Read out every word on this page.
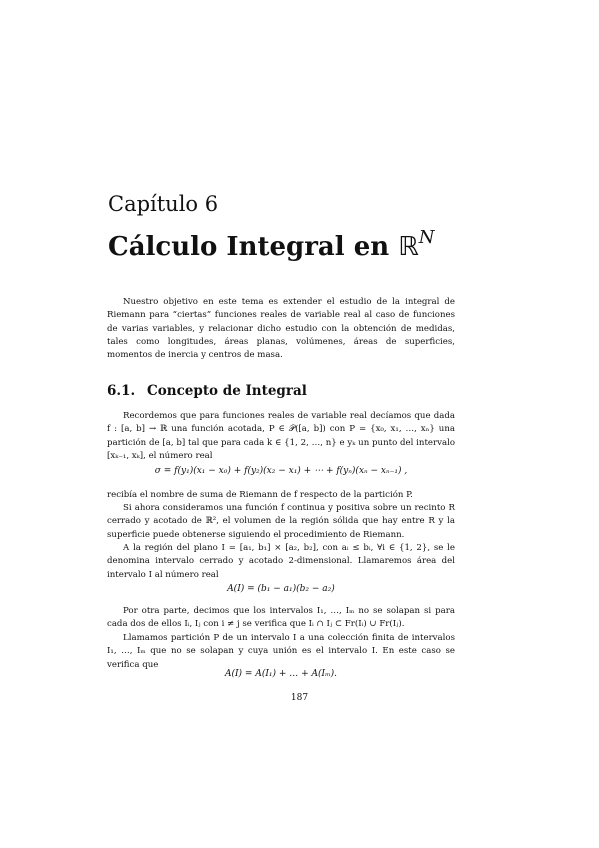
Capítulo 6
Cálculo Integral en ℝ$^N$
Nuestro objetivo en este tema es extender el estudio de la integral de Riemann para “ciertas” funciones reales de variable real al caso de funciones de varias variables, y relacionar dicho estudio con la obtención de medidas, tales como longitudes, áreas planas, volúmenes, áreas de superficies, momentos de inercia y centros de masa.
6.1. Concepto de Integral
Recordemos que para funciones reales de variable real decíamos que dada f : [a, b] → ℝ una función acotada, P ∈ 𝒫([a, b]) con P = {x₀, x₁, …, xₙ} una partición de [a, b] tal que para cada k ∈ {1, 2, …, n} e yₖ un punto del intervalo [xₖ₋₁, xₖ], el número real
σ = f(y₁)(x₁ − x₀) + f(y₂)(x₂ − x₁) + ⋯ + f(yₙ)(xₙ − xₙ₋₁) ,
recibía el nombre de suma de Riemann de f respecto de la partición P.
Si ahora consideramos una función f continua y positiva sobre un recinto R cerrado y acotado de ℝ², el volumen de la región sólida que hay entre R y la superficie puede obtenerse siguiendo el procedimiento de Riemann.
A la región del plano I = [a₁, b₁] × [a₂, b₂], con aᵢ ≤ bᵢ, ∀i ∈ {1, 2}, se le denomina intervalo cerrado y acotado 2-dimensional. Llamaremos área del intervalo I al número real
A(I) = (b₁ − a₁)(b₂ − a₂)
Por otra parte, decimos que los intervalos I₁, …, Iₘ no se solapan si para cada dos de ellos Iᵢ, Iⱼ con i ≠ j se verifica que Iᵢ ∩ Iⱼ ⊂ Fr(Iᵢ) ∪ Fr(Iⱼ).
Llamamos partición P de un intervalo I a una colección finita de intervalos I₁, …, Iₘ que no se solapan y cuya unión es el intervalo I. En este caso se verifica que
A(I) = A(I₁) + … + A(Iₘ).
187
